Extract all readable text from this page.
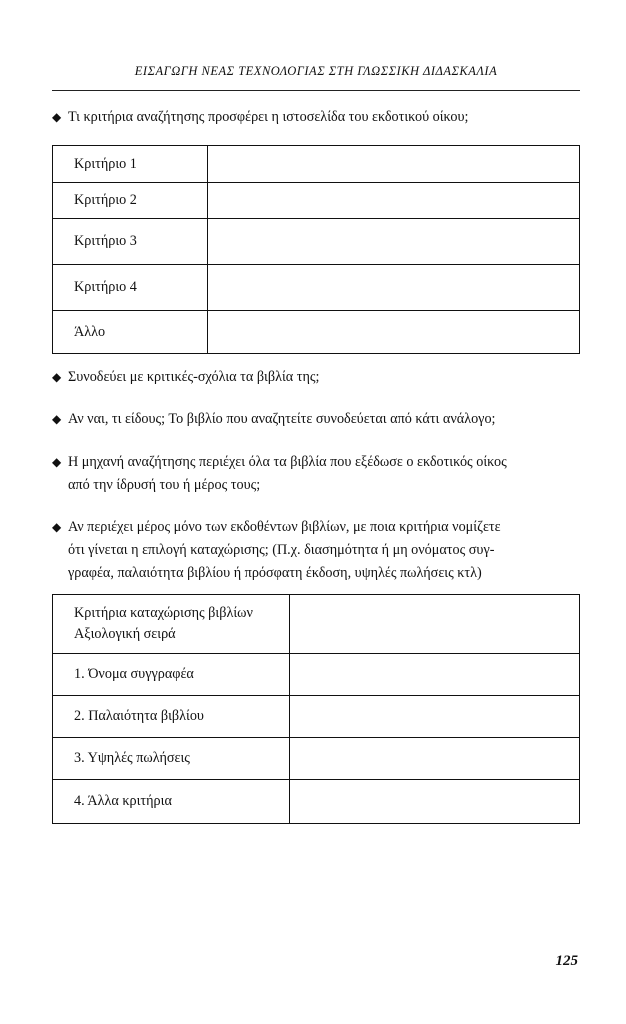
ΕΙΣΑΓΩΓΗ ΝΕΑΣ ΤΕΧΝΟΛΟΓΙΑΣ ΣΤΗ ΓΛΩΣΣΙΚΗ ΔΙΔΑΣΚΑΛΙΑ
◆ Τι κριτήρια αναζήτησης προσφέρει η ιστοσελίδα του εκδοτικού οίκου;

Κριτήριο 1	
Κριτήριο 2	
Κριτήριο 3	
Κριτήριο 4	
Άλλο	
◆ Συνοδεύει με κριτικές-σχόλια τα βιβλία της;

◆ Αν ναι, τι είδους; Το βιβλίο που αναζητείτε συνοδεύεται από κάτι ανάλογο;

◆ Η μηχανή αναζήτησης περιέχει όλα τα βιβλία που εξέδωσε ο εκδοτικός οίκος

από την ίδρυσή του ή μέρος τους;

◆ Αν περιέχει μέρος μόνο των εκδοθέντων βιβλίων, με ποια κριτήρια νομίζετε

ότι γίνεται η επιλογή καταχώρισης; (Π.χ. διασημότητα ή μη ονόματος συγ-

γραφέα, παλαιότητα βιβλίου ή πρόσφατη έκδοση, υψηλές πωλήσεις κτλ)

Κριτήρια καταχώρισης βιβλίων
Αξιολογική σειρά	

1. Όνομα συγγραφέα	
2. Παλαιότητα βιβλίου	
3. Υψηλές πωλήσεις	
4. Άλλα κριτήρια	
125
